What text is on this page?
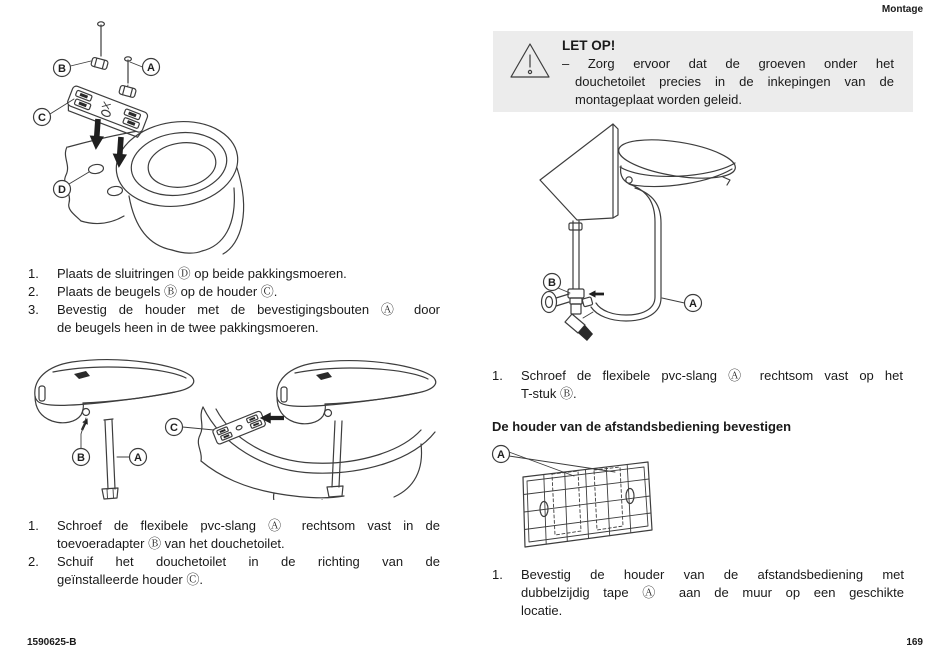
Montage
LET OP!
– Zorg ervoor dat de groeven onder het
douchetoilet precies in de inkepingen van de
montageplaat worden geleid.
B	A
C
D
1.	Plaats de sluitringen Ⓓ op beide pakkingsmoeren.
2.	Plaats de beugels Ⓑ op de houder Ⓒ.
3.	Bevestig de houder met de bevestigingsbouten Ⓐ door
de beugels heen in de twee pakkingsmoeren.
B	A
C
1.	Schroef de flexibele pvc-slang Ⓐ rechtsom vast in de
toevoeradapter Ⓑ van het douchetoilet.
2.	Schuif het douchetoilet in de richting van de
geïnstalleerde houder Ⓒ.
B
A
1.	Schroef de flexibele pvc-slang Ⓐ rechtsom vast op het
T-stuk Ⓑ.
De houder van de afstandsbediening bevestigen
A
1.	Bevestig de houder van de afstandsbediening met
dubbelzijdig tape Ⓐ aan de muur op een geschikte
locatie.
1590625-B	169
